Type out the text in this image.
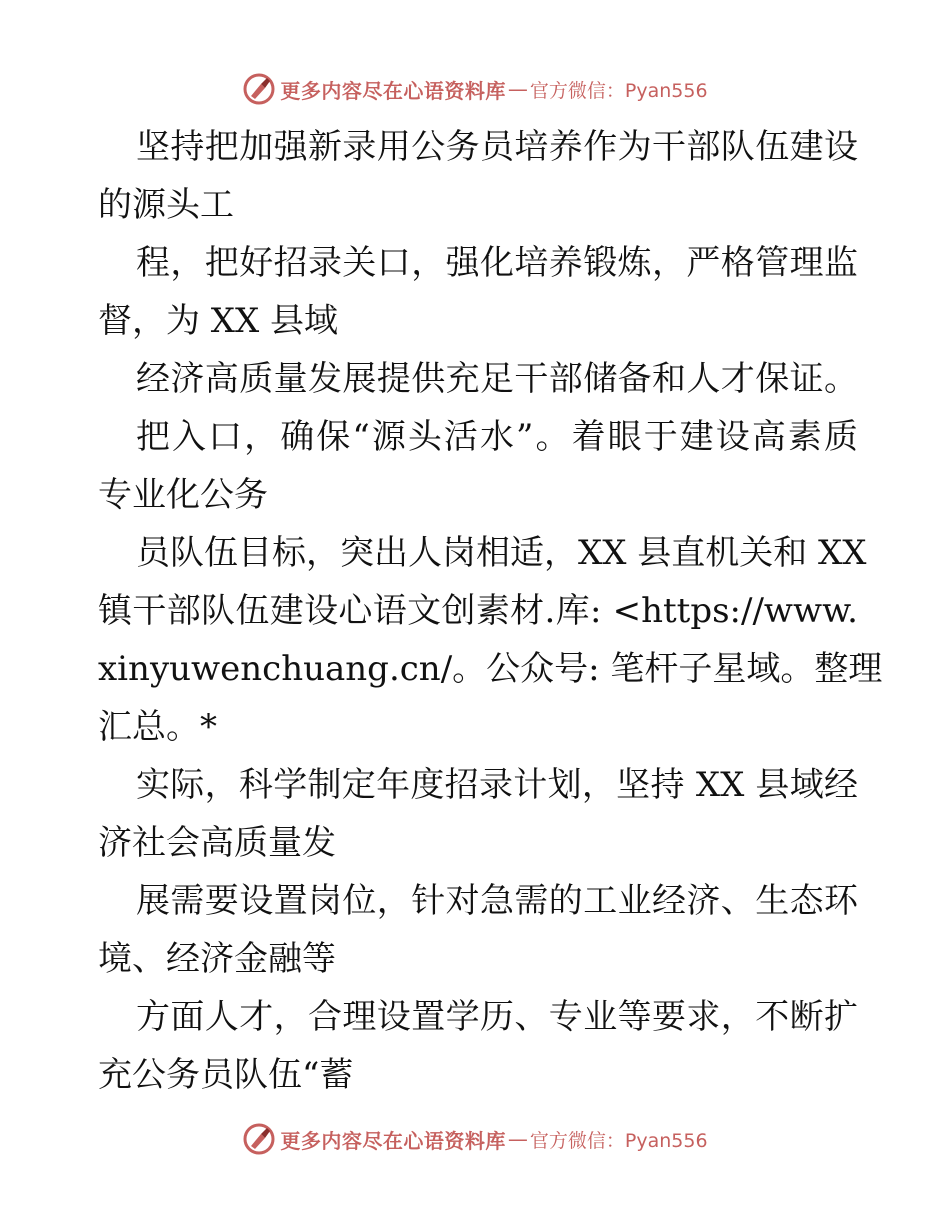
更多内容尽在心语资料库 — 官方微信：Pyan556
坚持把加强新录用公务员培养作为干部队伍建设
的源头工
程，把好招录关口，强化培养锻炼，严格管理监
督，为 XX 县域
经济高质量发展提供充足干部储备和人才保证。
把入口，确保“源头活水”。着眼于建设高素质
专业化公务
员队伍目标，突出人岗相适，XX 县直机关和 XX
镇干部队伍建设心语文创素材.库: <https://www.
xinyuwenchuang.cn/。公众号: 笔杆子星域。整理
汇总。*
实际，科学制定年度招录计划，坚持 XX 县域经
济社会高质量发
展需要设置岗位，针对急需的工业经济、生态环
境、经济金融等
方面人才，合理设置学历、专业等要求，不断扩
充公务员队伍“蓄
更多内容尽在心语资料库 — 官方微信：Pyan556
